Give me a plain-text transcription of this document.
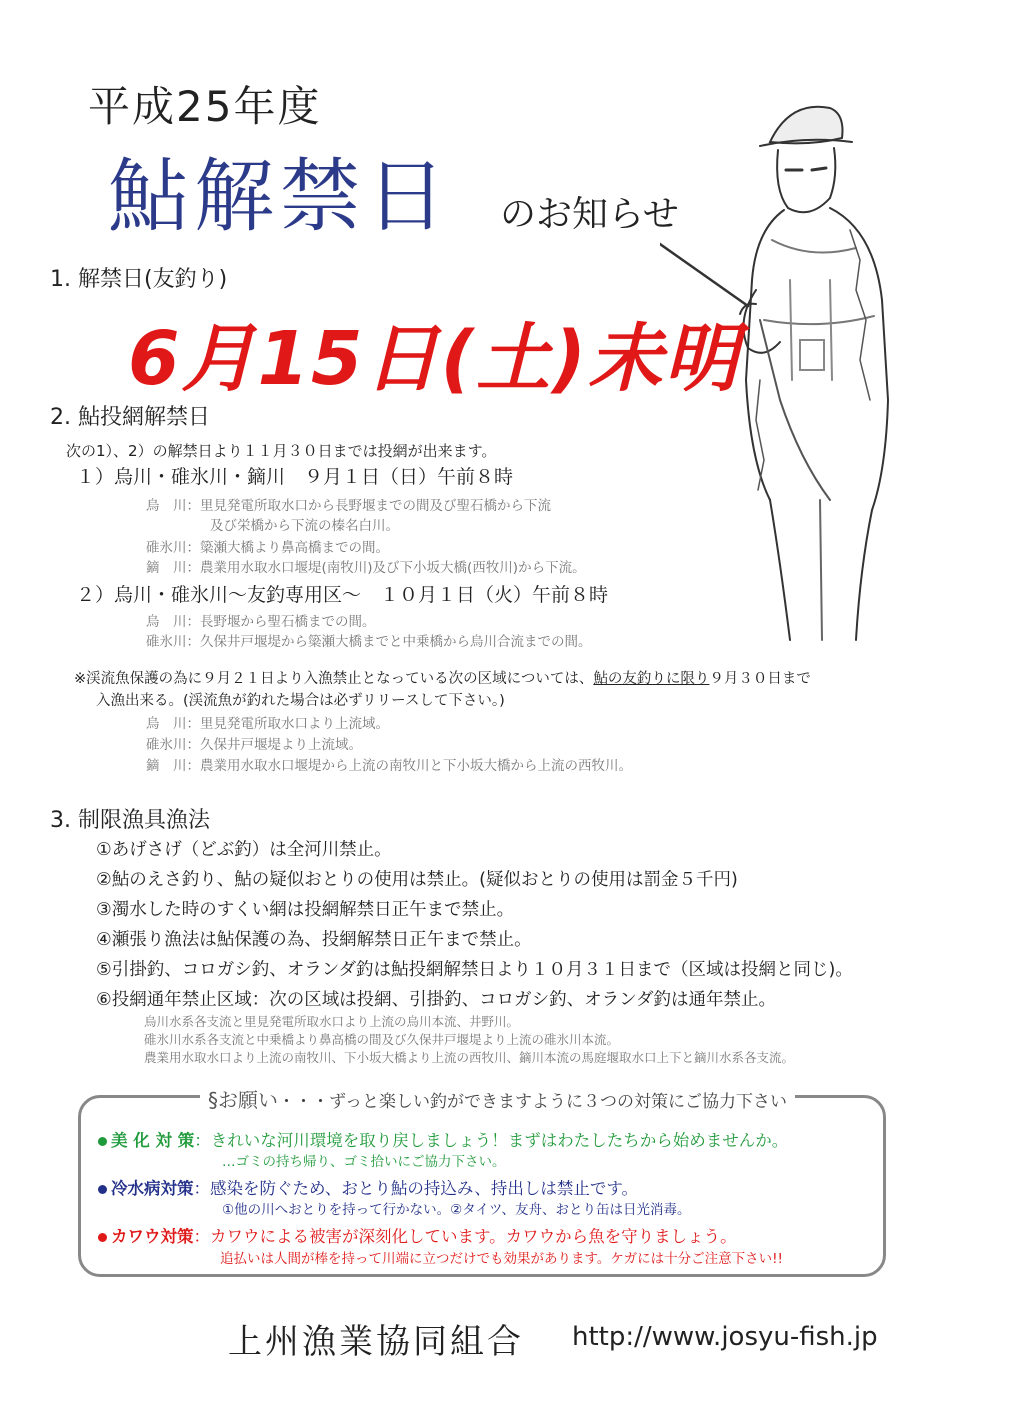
平成25年度
鮎解禁日 のお知らせ
1. 解禁日(友釣り)
6月15日(土)未明
2. 鮎投網解禁日
次の1）、2）の解禁日より１１月３０日までは投網が出来ます。
１）烏川・碓氷川・鏑川　９月１日（日）午前８時
烏　川：里見発電所取水口から長野堰までの間及び聖石橋から下流
及び栄橋から下流の榛名白川。
碓氷川：簗瀬大橋より鼻高橋までの間。
鏑　川：農業用水取水口堰堤(南牧川)及び下小坂大橋(西牧川)から下流。
２）烏川・碓氷川～友釣専用区～　１０月１日（火）午前８時
烏　川：長野堰から聖石橋までの間。
碓氷川：久保井戸堰堤から簗瀬大橋までと中乗橋から烏川合流までの間。
※渓流魚保護の為に９月２１日より入漁禁止となっている次の区域については、鮎の友釣りに限り９月３０日まで
入漁出来る。(渓流魚が釣れた場合は必ずリリースして下さい。)
烏　川：里見発電所取水口より上流域。
碓氷川：久保井戸堰堤より上流域。
鏑　川：農業用水取水口堰堤から上流の南牧川と下小坂大橋から上流の西牧川。
3. 制限漁具漁法
①あげさげ（どぶ釣）は全河川禁止。
②鮎のえさ釣り、鮎の疑似おとりの使用は禁止。(疑似おとりの使用は罰金５千円)
③濁水した時のすくい網は投網解禁日正午まで禁止。
④瀬張り漁法は鮎保護の為、投網解禁日正午まで禁止。
⑤引掛釣、コロガシ釣、オランダ釣は鮎投網解禁日より１０月３１日まで（区域は投網と同じ)。
⑥投網通年禁止区域：次の区域は投網、引掛釣、コロガシ釣、オランダ釣は通年禁止。
烏川水系各支流と里見発電所取水口より上流の烏川本流、井野川。
碓氷川水系各支流と中乗橋より鼻高橋の間及び久保井戸堰堤より上流の碓氷川本流。
農業用水取水口より上流の南牧川、下小坂大橋より上流の西牧川、鏑川本流の馬庭堰取水口上下と鏑川水系各支流。
§お願い・・・ずっと楽しい釣ができますように３つの対策にご協力下さい
美 化 対 策：きれいな河川環境を取り戻しましょう！まずはわたしたちから始めませんか。
…ゴミの持ち帰り、ゴミ拾いにご協力下さい。
冷水病対策：感染を防ぐため、おとり鮎の持込み、持出しは禁止です。
①他の川へおとりを持って行かない。②タイツ、友舟、おとり缶は日光消毒。
カワウ対策：カワウによる被害が深刻化しています。カワウから魚を守りましょう。
追払いは人間が棒を持って川端に立つだけでも効果があります。ケガには十分ご注意下さい!!
上州漁業協同組合 http://www.josyu-fish.jp
